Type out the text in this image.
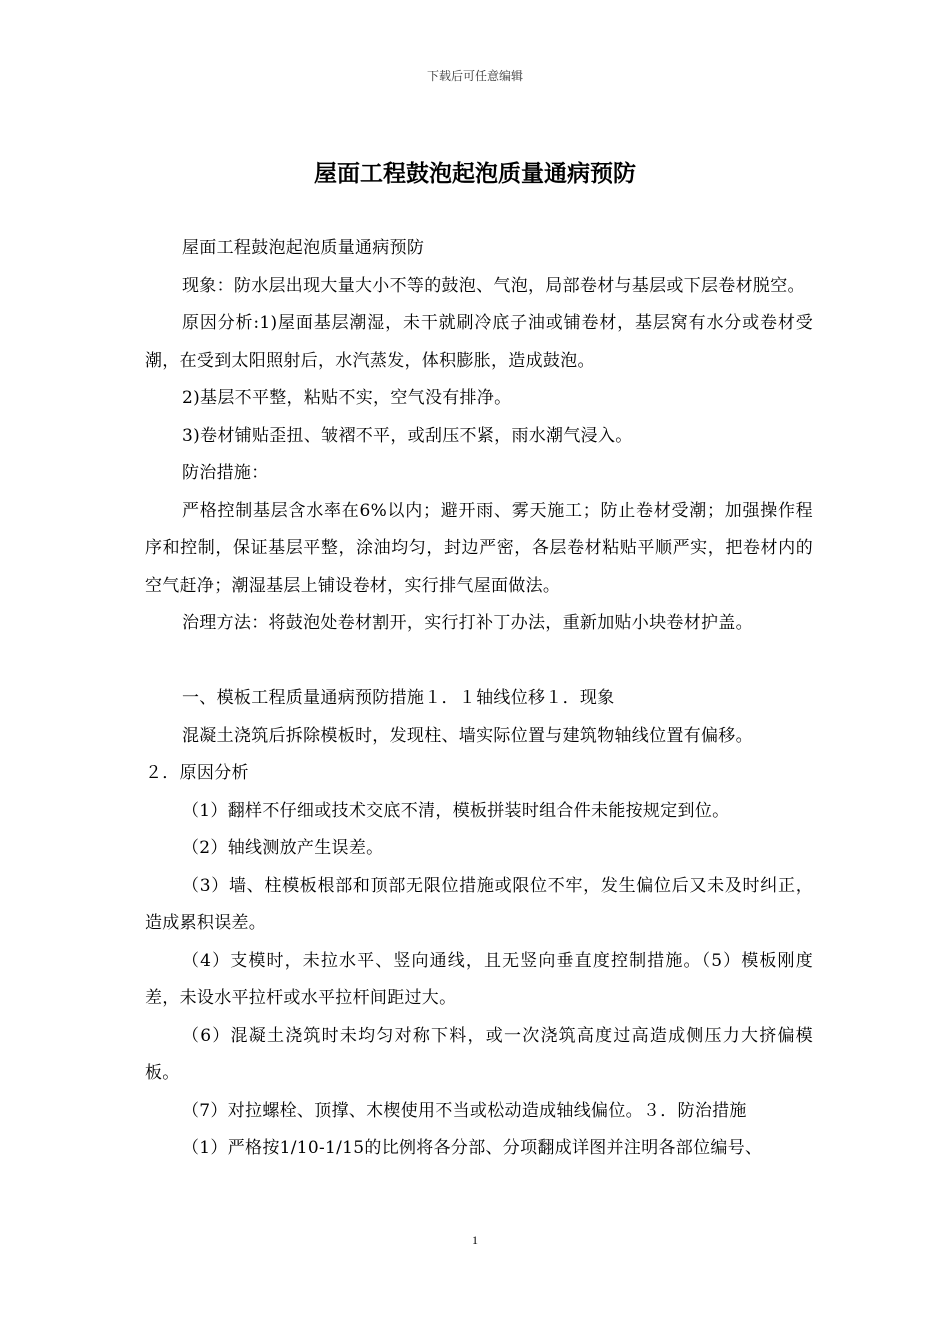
下载后可任意编辑
屋面工程鼓泡起泡质量通病预防

屋面工程鼓泡起泡质量通病预防

现象：防水层出现大量大小不等的鼓泡、气泡，局部卷材与基层或下层卷材脱空。

原因分析:1)屋面基层潮湿，未干就刷冷底子油或铺卷材，基层窝有水分或卷材受潮，在受到太阳照射后，水汽蒸发，体积膨胀，造成鼓泡。

2)基层不平整，粘贴不实，空气没有排净。

3)卷材铺贴歪扭、皱褶不平，或刮压不紧，雨水潮气浸入。

防治措施：

严格控制基层含水率在6%以内；避开雨、雾天施工；防止卷材受潮；加强操作程序和控制，保证基层平整，涂油均匀，封边严密，各层卷材粘贴平顺严实，把卷材内的空气赶净；潮湿基层上铺设卷材，实行排气屋面做法。

治理方法：将鼓泡处卷材割开，实行打补丁办法，重新加贴小块卷材护盖。

一、模板工程质量通病预防措施１．１轴线位移１．现象

混凝土浇筑后拆除模板时，发现柱、墙实际位置与建筑物轴线位置有偏移。

２．原因分析

（1）翻样不仔细或技术交底不清，模板拼装时组合件未能按规定到位。

（2）轴线测放产生误差。

（3）墙、柱模板根部和顶部无限位措施或限位不牢，发生偏位后又未及时纠正，造成累积误差。

（4）支模时，未拉水平、竖向通线，且无竖向垂直度控制措施。（5）模板刚度差，未设水平拉杆或水平拉杆间距过大。

（6）混凝土浇筑时未均匀对称下料，或一次浇筑高度过高造成侧压力大挤偏模板。

（7）对拉螺栓、顶撑、木楔使用不当或松动造成轴线偏位。３．防治措施

（1）严格按1/10-1/15的比例将各分部、分项翻成详图并注明各部位编号、

1
